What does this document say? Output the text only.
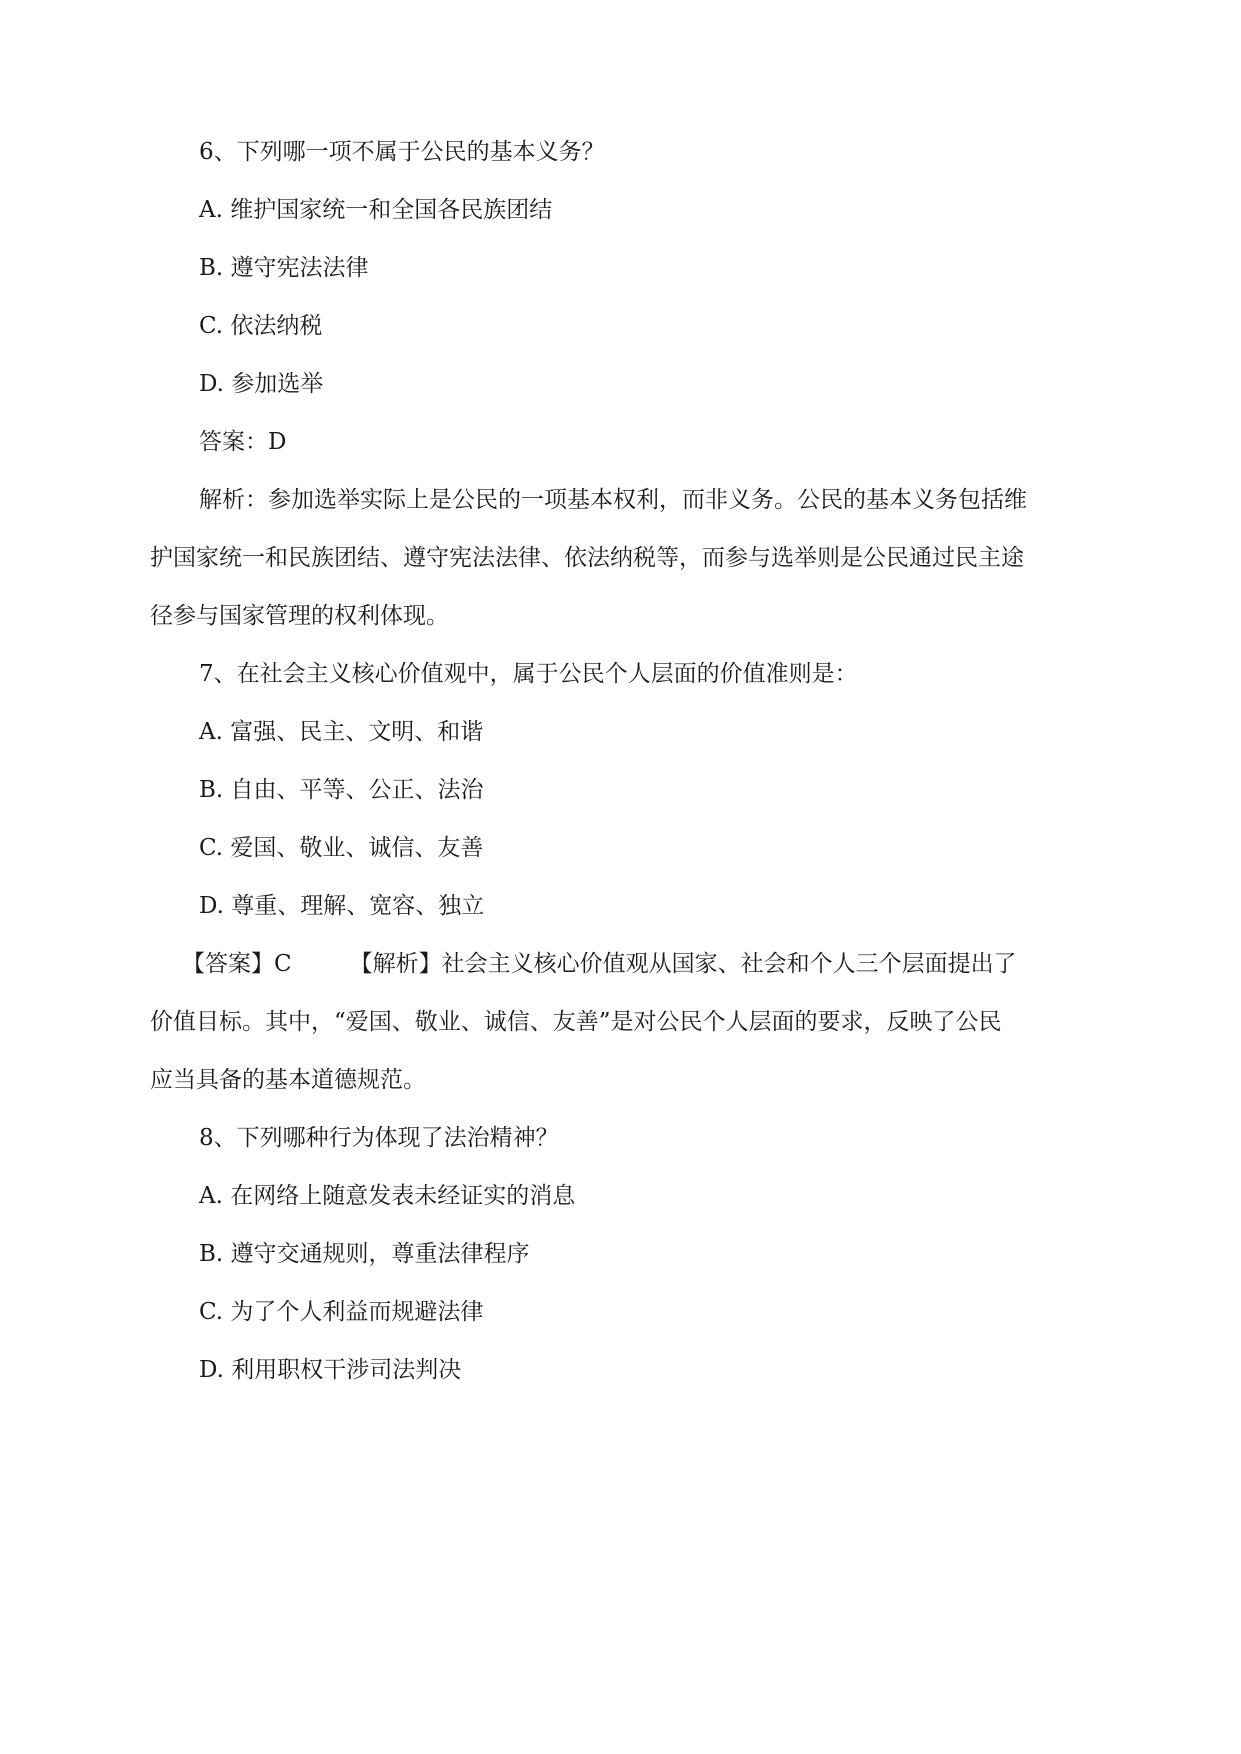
6、下列哪一项不属于公民的基本义务？
A. 维护国家统一和全国各民族团结
B. 遵守宪法法律
C. 依法纳税
D. 参加选举
答案：D
解析：参加选举实际上是公民的一项基本权利，而非义务。公民的基本义务包括维
护国家统一和民族团结、遵守宪法法律、依法纳税等，而参与选举则是公民通过民主途
径参与国家管理的权利体现。
7、在社会主义核心价值观中，属于公民个人层面的价值准则是：
A. 富强、民主、文明、和谐
B. 自由、平等、公正、法治
C. 爱国、敬业、诚信、友善
D. 尊重、理解、宽容、独立
【答案】C	【解析】社会主义核心价值观从国家、社会和个人三个层面提出了
价值目标。其中，“爱国、敬业、诚信、友善”是对公民个人层面的要求，反映了公民
应当具备的基本道德规范。
8、下列哪种行为体现了法治精神？
A. 在网络上随意发表未经证实的消息
B. 遵守交通规则，尊重法律程序
C. 为了个人利益而规避法律
D. 利用职权干涉司法判决
